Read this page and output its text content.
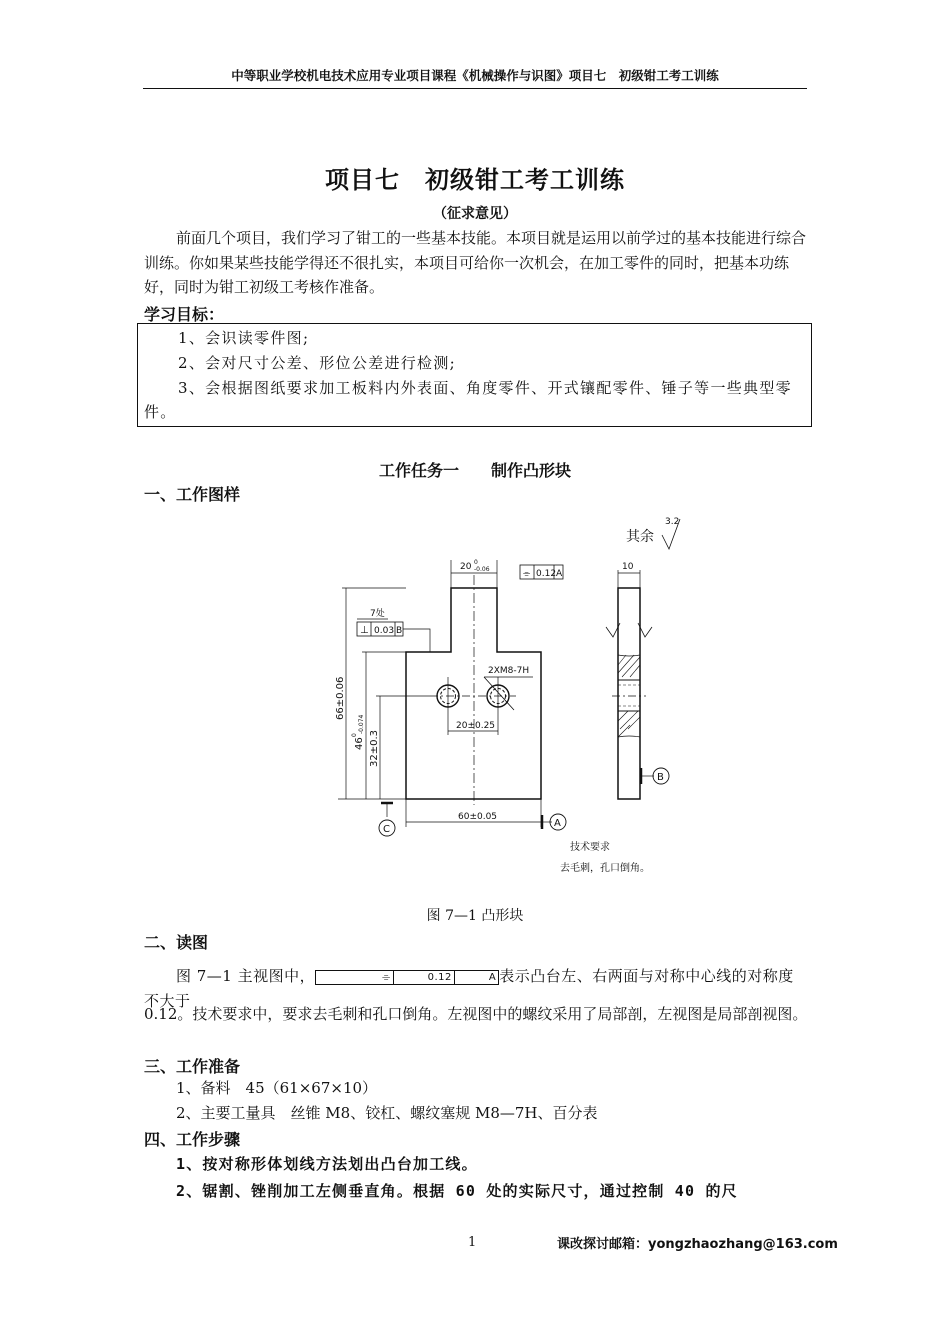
中等职业学校机电技术应用专业项目课程《机械操作与识图》项目七　初级钳工考工训练
项目七　初级钳工考工训练
（征求意见）
前面几个项目，我们学习了钳工的一些基本技能。本项目就是运用以前学过的基本技能进行综合训练。你如果某些技能学得还不很扎实，本项目可给你一次机会，在加工零件的同时，把基本功练好，同时为钳工初级工考核作准备。
学习目标：
1、会识读零件图;
2、会对尺寸公差、形位公差进行检测;
3、会根据图纸要求加工板料内外表面、角度零件、开式镶配零件、锤子等一些典型零件。
工作任务一　　制作凸形块
一、工作图样
其余
3.2
20 0
-0.06	⌯ 0.12 A
10
7处
⊥ 0.03 B
2XM8-7H
20±0.25
66±0.06
46
0
-0.074
32±0.3
60±0.05
A
B
C
技术要求
去毛刺，孔口倒角。
图 7—1 凸形块
二、读图
图 7—1 主视图中，	⌯	0.12	A 表示凸台左、右两面与对称中心线的对称度不大于
0.12。技术要求中，要求去毛刺和孔口倒角。左视图中的螺纹采用了局部剖，左视图是局部剖视图。
三、工作准备
1、备料　45（61×67×10）
2、主要工量具　丝锥 M8、铰杠、螺纹塞规 M8—7H、百分表
四、工作步骤
1、按对称形体划线方法划出凸台加工线。
2、锯割、锉削加工左侧垂直角。根据 60 处的实际尺寸，通过控制 40 的尺
1	课改探讨邮箱：yongzhaozhang@163.com
